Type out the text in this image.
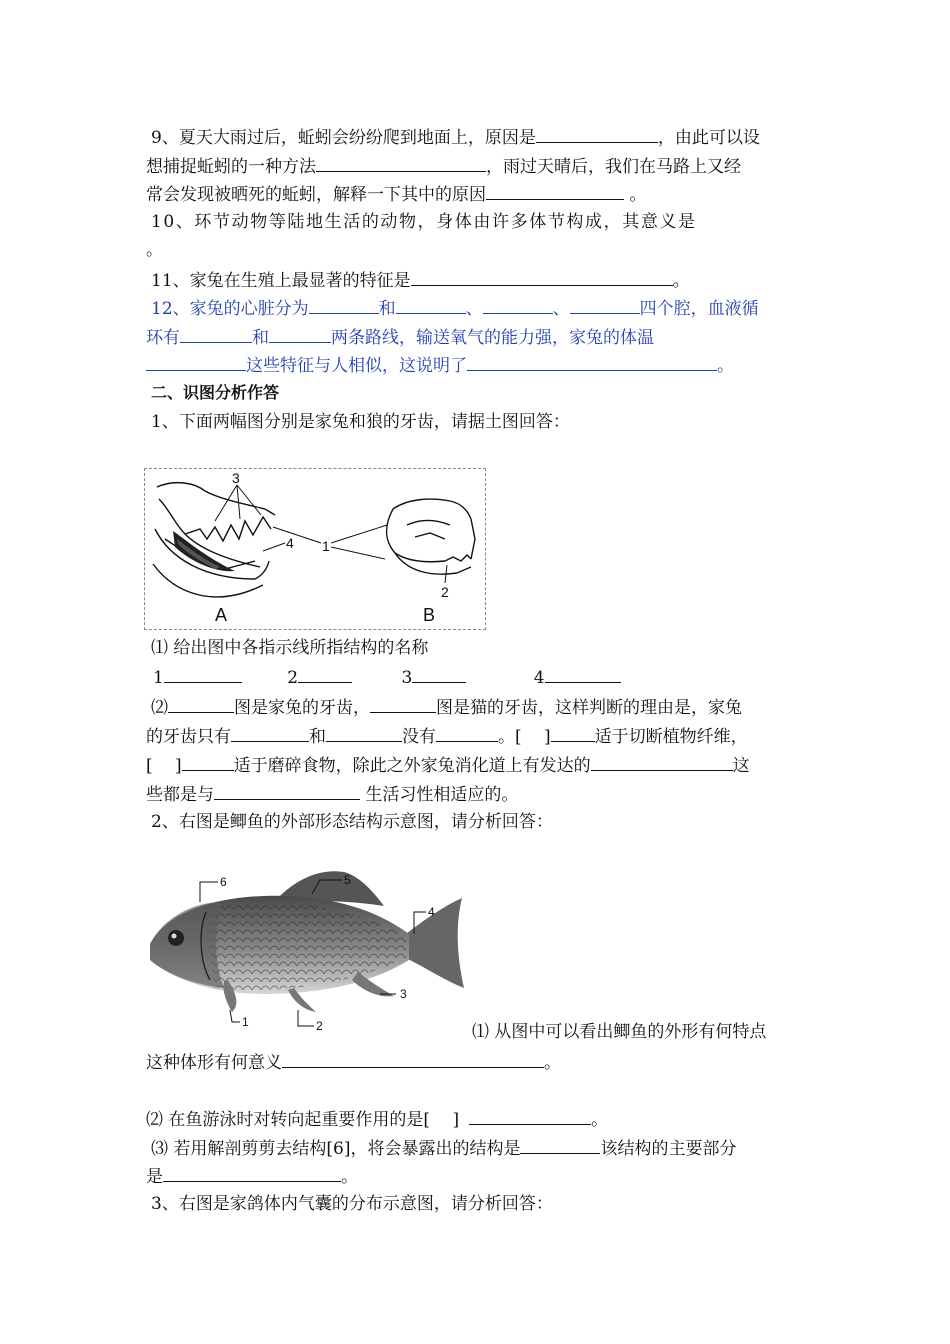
9、夏天大雨过后，蚯蚓会纷纷爬到地面上，原因是	，由此可以设
想捕捉蚯蚓的一种方法	，雨过天晴后，我们在马路上又经
常会发现被晒死的蚯蚓，解释一下其中的原因	。
10、环节动物等陆地生活的动物，身体由许多体节构成，其意义是
。
11、家兔在生殖上最显著的特征是	。
12、家兔的心脏分为	和	、	、	四个腔，血液循
环有	和	两条路线，输送氧气的能力强，家兔的体温
这些特征与人相似，这说明了	。
二、识图分析作答
1、下面两幅图分别是家兔和狼的牙齿，请据土图回答：
3
4 1
2
A	B
⑴ 给出图中各指示线所指结构的名称
1	2	3	4
⑵	图是家兔的牙齿，	图是猫的牙齿，这样判断的理由是，家兔
的牙齿只有	和	没有	。[　 ]	适于切断植物纤维，
[　 ]	适于磨碎食物，除此之外家兔消化道上有发达的	这
些都是与	生活习性相适应的。
2、右图是鲫鱼的外部形态结构示意图，请分析回答：
6	5
4
3
2
1	⑴ 从图中可以看出鲫鱼的外形有何特点
这种体形有何意义	。
⑵ 在鱼游泳时对转向起重要作用的是[　 ]	。
⑶ 若用解剖剪剪去结构[6]，将会暴露出的结构是	该结构的主要部分
是	。
3、右图是家鸽体内气囊的分布示意图，请分析回答：
